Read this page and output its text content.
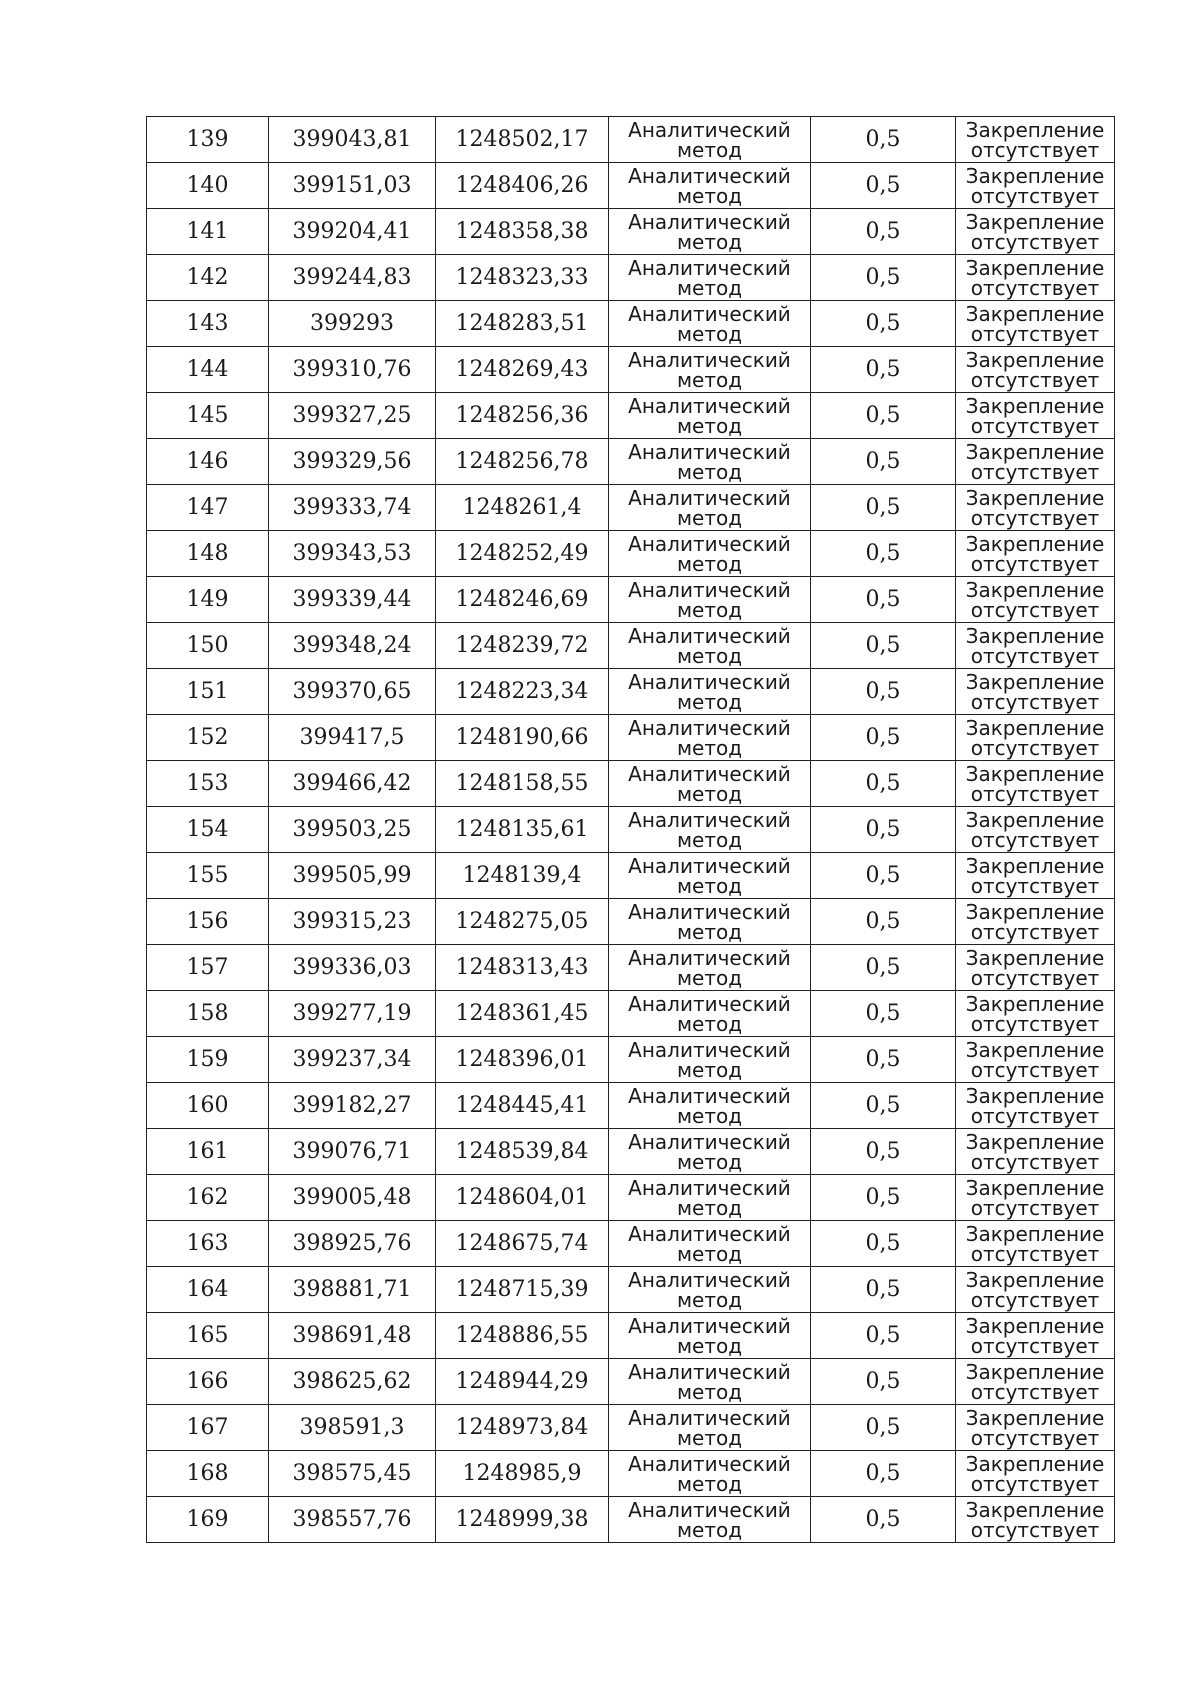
139	399043,81	1248502,17	Аналитический
метод	0,5	Закрепление
отсутствует

140	399151,03	1248406,26	Аналитический
метод	0,5	Закрепление
отсутствует

141	399204,41	1248358,38	Аналитический
метод	0,5	Закрепление
отсутствует

142	399244,83	1248323,33	Аналитический
метод	0,5	Закрепление
отсутствует

143	399293	1248283,51	Аналитический
метод	0,5	Закрепление
отсутствует

144	399310,76	1248269,43	Аналитический
метод	0,5	Закрепление
отсутствует

145	399327,25	1248256,36	Аналитический
метод	0,5	Закрепление
отсутствует

146	399329,56	1248256,78	Аналитический
метод	0,5	Закрепление
отсутствует

147	399333,74	1248261,4	Аналитический
метод	0,5	Закрепление
отсутствует

148	399343,53	1248252,49	Аналитический
метод	0,5	Закрепление
отсутствует

149	399339,44	1248246,69	Аналитический
метод	0,5	Закрепление
отсутствует

150	399348,24	1248239,72	Аналитический
метод	0,5	Закрепление
отсутствует

151	399370,65	1248223,34	Аналитический
метод	0,5	Закрепление
отсутствует

152	399417,5	1248190,66	Аналитический
метод	0,5	Закрепление
отсутствует

153	399466,42	1248158,55	Аналитический
метод	0,5	Закрепление
отсутствует

154	399503,25	1248135,61	Аналитический
метод	0,5	Закрепление
отсутствует

155	399505,99	1248139,4	Аналитический
метод	0,5	Закрепление
отсутствует

156	399315,23	1248275,05	Аналитический
метод	0,5	Закрепление
отсутствует

157	399336,03	1248313,43	Аналитический
метод	0,5	Закрепление
отсутствует

158	399277,19	1248361,45	Аналитический
метод	0,5	Закрепление
отсутствует

159	399237,34	1248396,01	Аналитический
метод	0,5	Закрепление
отсутствует

160	399182,27	1248445,41	Аналитический
метод	0,5	Закрепление
отсутствует

161	399076,71	1248539,84	Аналитический
метод	0,5	Закрепление
отсутствует

162	399005,48	1248604,01	Аналитический
метод	0,5	Закрепление
отсутствует

163	398925,76	1248675,74	Аналитический
метод	0,5	Закрепление
отсутствует

164	398881,71	1248715,39	Аналитический
метод	0,5	Закрепление
отсутствует

165	398691,48	1248886,55	Аналитический
метод	0,5	Закрепление
отсутствует

166	398625,62	1248944,29	Аналитический
метод	0,5	Закрепление
отсутствует

167	398591,3	1248973,84	Аналитический
метод	0,5	Закрепление
отсутствует

168	398575,45	1248985,9	Аналитический
метод	0,5	Закрепление
отсутствует

169	398557,76	1248999,38	Аналитический
метод	0,5	Закрепление
отсутствует
